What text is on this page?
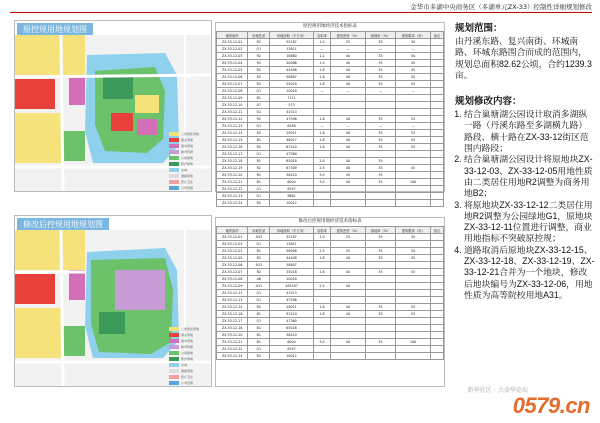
金华市多湖中央商务区（多湖单元ZX-33）控制性详细规划修改
原控规用地规划图
二类居住用地
商业用地
商务用地
教育科研
公园绿地
防护绿地
水域
道路用地
医疗卫生
公用设施
原控规用地经济技术指标表
地块编号	用地性质	用地面积（平方米）	容积率	建筑密度（%）	绿地率（%）	建筑限高（米）	备注
ZX-33-12-01	R2	55187	1.0	25	35	30	
ZX-33-12-02	G1	13811	—	—	—	—	
ZX-33-12-03	R2	18880	1.2	40	35	50	
ZX-33-12-04	R2	20086	1.5	40	35	45	
ZX-33-12-05	R2	44408	1.8	40	35	45	
ZX-33-12-06	R2	58807	1.8	40	35	50	
ZX-33-12-07	R2	25018	1.8	40	35	55	
ZX-33-12-08	G1	10018	—	—	—	—	
ZX-33-12-09	B1	7111					
ZX-33-12-10	A7	573					
ZX-33-12-11	G1	41513					
ZX-33-12-12	R2	47596	1.8	40	35	55	
ZX-33-12-13	G1	6188	—	—	—	—	
ZX-33-12-14	R2	29011	1.8	40	35	55	
ZX-33-12-15	B1	48017	1.8	40	35	55	
ZX-33-12-16	R2	87410	1.8	40	35	55	
ZX-33-12-17	G1	47360					
ZX-33-12-18	B1	65018	2.0	40	35		
ZX-33-12-19	R2	67309	2.5	40	35	45	
ZX-33-12-20	B1	36410	3.0	45	35		
ZX-33-12-21	B1	6004	3.0	40	35	100	
ZX-33-12-22	G1	8197					
ZX-33-12-23	G1	9861					
ZX-33-12-24	R2	10012					
修改后控规用地规划图
二类居住用地
商业用地
商务用地
教育科研
公园绿地
防护绿地
水域
道路用地
医疗卫生
公用设施
修改后控规用地经济技术指标表
地块编号	用地性质	用地面积（平方米）	容积率	建筑密度（%）	绿地率（%）	建筑限高（米）	备注
ZX-33-12-01	A33	55187	1.0	25	35	30	
ZX-33-12-02	G1	13811					
ZX-33-12-03	B1	56908	2.5	35	35	50	
ZX-33-12-05	R2	44408	1.8	40	35	45	
ZX-33-12-06	A31	58807					
ZX-33-12-07	R2	25018	1.8	40	35	55	
ZX-33-12-08	A6	10018					
ZX-33-12-09	A31	183187	2.5	40			
ZX-33-12-11	G1	41513					
ZX-33-12-12	G1	47596					
ZX-33-12-14	R2	29011	1.8	40	35	55	
ZX-33-12-16	B1	87410	1.8	40	35	55	
ZX-33-12-17	G1	47360					
ZX-33-12-18	B1	65018					
ZX-33-12-20	B1	36410					
ZX-33-12-21	B1	6004	3.0	40	35	100	
ZX-33-12-22	G1	8197					
ZX-33-12-24	R2	10012					
规划范围：
由丹溪东路、复兴南街、环城南路、环城东路围合而成的范围内，规划总面积82.62公顷，合约1239.3亩。
规划修改内容：
1. 结合巢塘湖公园设计取消多湖纵一路（丹溪东路至多湖横九路）路段、横十路在ZX-33-12街区范围内路段；
2. 结合巢塘湖公园设计将原地块ZX-33-12-03、ZX-33-12-05用地性质由二类居住用地R2调整为商务用地B2；
3. 将原地块ZX-33-12-12二类居住用地R2调整为公园绿地G1，原地块ZX-33-12-11位置进行调整，商业用地指标不突破原控规；
4. 道路取消后原地块ZX-33-12-15、ZX-33-12-18、ZX-33-12-19、ZX-33-12-21合并为一个地块，修改后地块编号为ZX-33-12-06，用地性质为高等院校用地A31。
新华社区 · 大金华论坛
0579.cn
